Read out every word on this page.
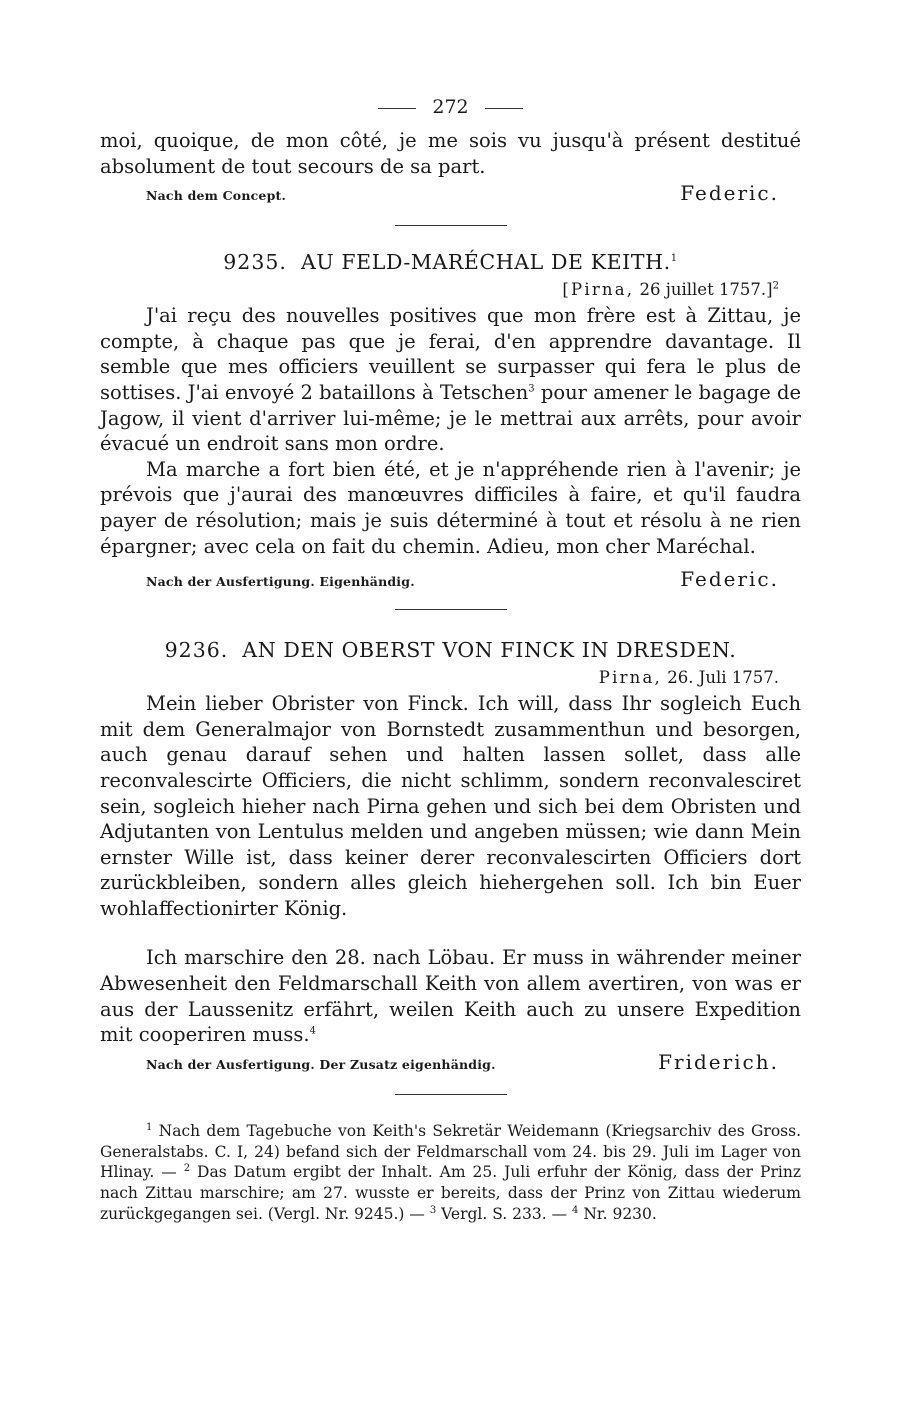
272

moi, quoique, de mon côté, je me sois vu jusqu'à présent destitué absolument de tout secours de sa part.

Nach dem Concept.	Federic.
9235. AU FELD-MARÉCHAL DE KEITH.$^1$
[Pirna, 26 juillet 1757.]$^2$

J'ai reçu des nouvelles positives que mon frère est à Zittau, je compte, à chaque pas que je ferai, d'en apprendre davantage. Il semble que mes officiers veuillent se surpasser qui fera le plus de sottises. J'ai envoyé 2 bataillons à Tetschen$^3$ pour amener le bagage de Jagow, il vient d'arriver lui-même; je le mettrai aux arrêts, pour avoir évacué un endroit sans mon ordre.

Ma marche a fort bien été, et je n'appréhende rien à l'avenir; je prévois que j'aurai des manœuvres difficiles à faire, et qu'il faudra payer de résolution; mais je suis déterminé à tout et résolu à ne rien épargner; avec cela on fait du chemin. Adieu, mon cher Maréchal.

Nach der Ausfertigung. Eigenhändig.	Federic.
9236. AN DEN OBERST VON FINCK IN DRESDEN.
Pirna, 26. Juli 1757.

Mein lieber Obrister von Finck. Ich will, dass Ihr sogleich Euch mit dem Generalmajor von Bornstedt zusammenthun und besorgen, auch genau darauf sehen und halten lassen sollet, dass alle reconvalescirte Officiers, die nicht schlimm, sondern reconvalesciret sein, sogleich hieher nach Pirna gehen und sich bei dem Obristen und Adjutanten von Lentulus melden und angeben müssen; wie dann Mein ernster Wille ist, dass keiner derer reconvalescirten Officiers dort zurückbleiben, sondern alles gleich hiehergehen soll. Ich bin Euer wohlaffectionirter König.

Ich marschire den 28. nach Löbau. Er muss in währender meiner Abwesenheit den Feldmarschall Keith von allem avertiren, von was er aus der Laussenitz erfährt, weilen Keith auch zu unsere Expedition mit cooperiren muss.$^4$

Nach der Ausfertigung. Der Zusatz eigenhändig.	Friderich.

$^1$ Nach dem Tagebuche von Keith's Sekretär Weidemann (Kriegsarchiv des Gross. Generalstabs. C. I, 24) befand sich der Feldmarschall vom 24. bis 29. Juli im Lager von Hlinay. — $^2$ Das Datum ergibt der Inhalt. Am 25. Juli erfuhr der König, dass der Prinz nach Zittau marschire; am 27. wusste er bereits, dass der Prinz von Zittau wiederum zurückgegangen sei. (Vergl. Nr. 9245.) — $^3$ Vergl. S. 233. — $^4$ Nr. 9230.
